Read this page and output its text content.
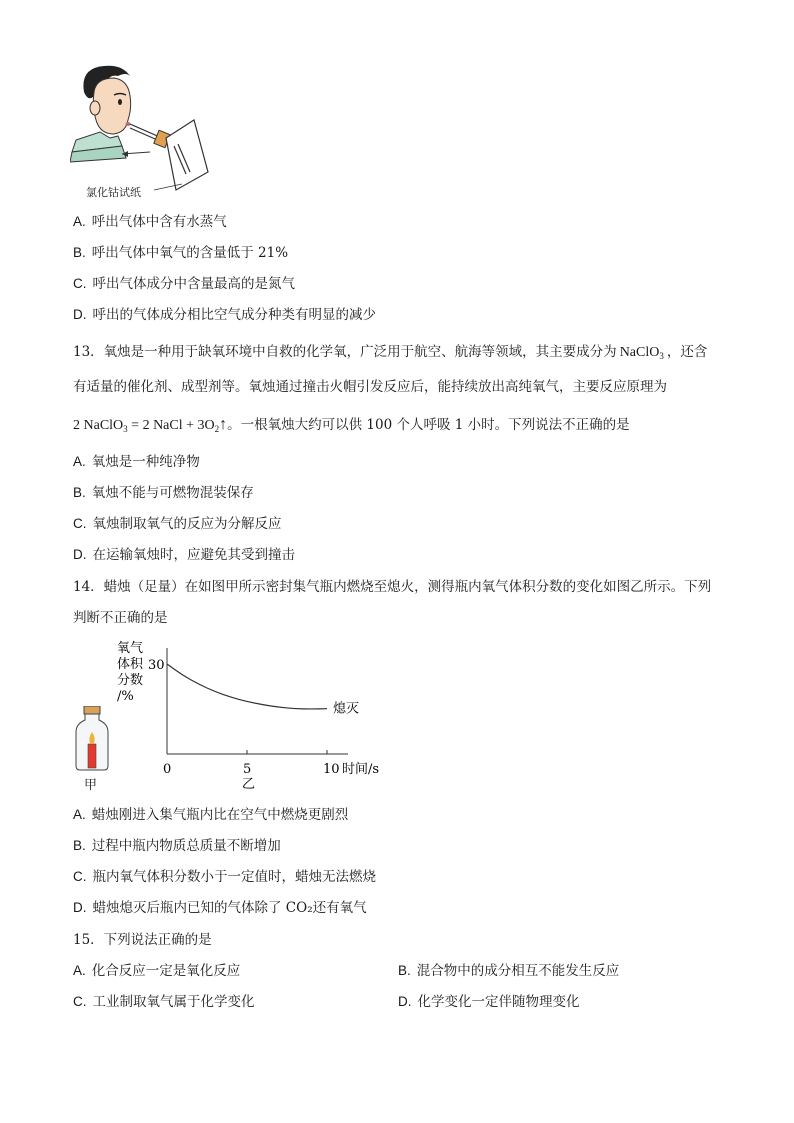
氯化钴试纸
A. 呼出气体中含有水蒸气
B. 呼出气体中氧气的含量低于 21%
C. 呼出气体成分中含量最高的是氮气
D. 呼出的气体成分相比空气成分种类有明显的减少
13．氧烛是一种用于缺氧环境中自救的化学氧，广泛用于航空、航海等领域，其主要成分为 NaClO$_3$ ，还含
有适量的催化剂、成型剂等。氧烛通过撞击火帽引发反应后，能持续放出高纯氧气，主要反应原理为
2 NaClO$_3$ = 2 NaCl + $3O_2↑$。一根氧烛大约可以供 100 个人呼吸 1 小时。下列说法不正确的是
A. 氧烛是一种纯净物
B. 氧烛不能与可燃物混装保存
C. 氧烛制取氧气的反应为分解反应
D. 在运输氧烛时，应避免其受到撞击
14．蜡烛（足量）在如图甲所示密封集气瓶内燃烧至熄火，测得瓶内氧气体积分数的变化如图乙所示。下列
判断不正确的是
甲
氧气
体积
分数
/%
30
0	5	10
熄灭
时间/s
乙
A. 蜡烛刚进入集气瓶内比在空气中燃烧更剧烈
B. 过程中瓶内物质总质量不断增加
C. 瓶内氧气体积分数小于一定值时，蜡烛无法燃烧
D. 蜡烛熄灭后瓶内已知的气体除了 CO₂还有氧气
15．下列说法正确的是
A. 化合反应一定是氧化反应	B. 混合物中的成分相互不能发生反应
C. 工业制取氧气属于化学变化	D. 化学变化一定伴随物理变化
